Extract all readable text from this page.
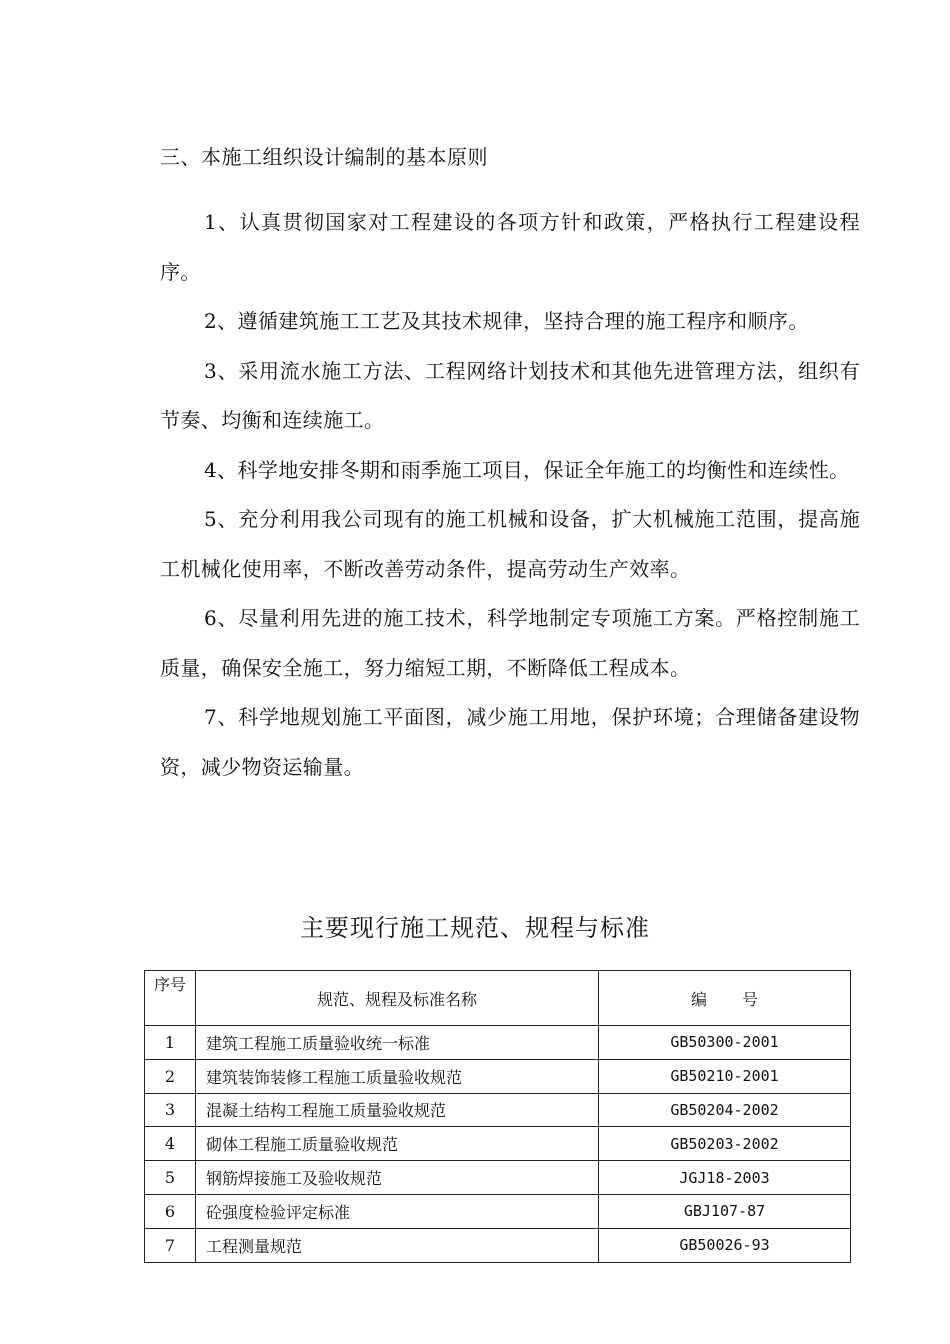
三、本施工组织设计编制的基本原则

1、认真贯彻国家对工程建设的各项方针和政策，严格执行工程建设程序。

2、遵循建筑施工工艺及其技术规律，坚持合理的施工程序和顺序。

3、采用流水施工方法、工程网络计划技术和其他先进管理方法，组织有节奏、均衡和连续施工。

4、科学地安排冬期和雨季施工项目，保证全年施工的均衡性和连续性。

5、充分利用我公司现有的施工机械和设备，扩大机械施工范围，提高施工机械化使用率，不断改善劳动条件，提高劳动生产效率。

6、尽量利用先进的施工技术，科学地制定专项施工方案。严格控制施工质量，确保安全施工，努力缩短工期，不断降低工程成本。

7、科学地规划施工平面图，减少施工用地，保护环境；合理储备建设物资，减少物资运输量。

主要现行施工规范、规程与标准
序号	规范、规程及标准名称	编 号
1	建筑工程施工质量验收统一标准	GB50300-2001
2	建筑装饰装修工程施工质量验收规范	GB50210-2001
3	混凝土结构工程施工质量验收规范	GB50204-2002
4	砌体工程施工质量验收规范	GB50203-2002
5	钢筋焊接施工及验收规范	JGJ18-2003
6	砼强度检验评定标准	GBJ107-87
7	工程测量规范	GB50026-93
